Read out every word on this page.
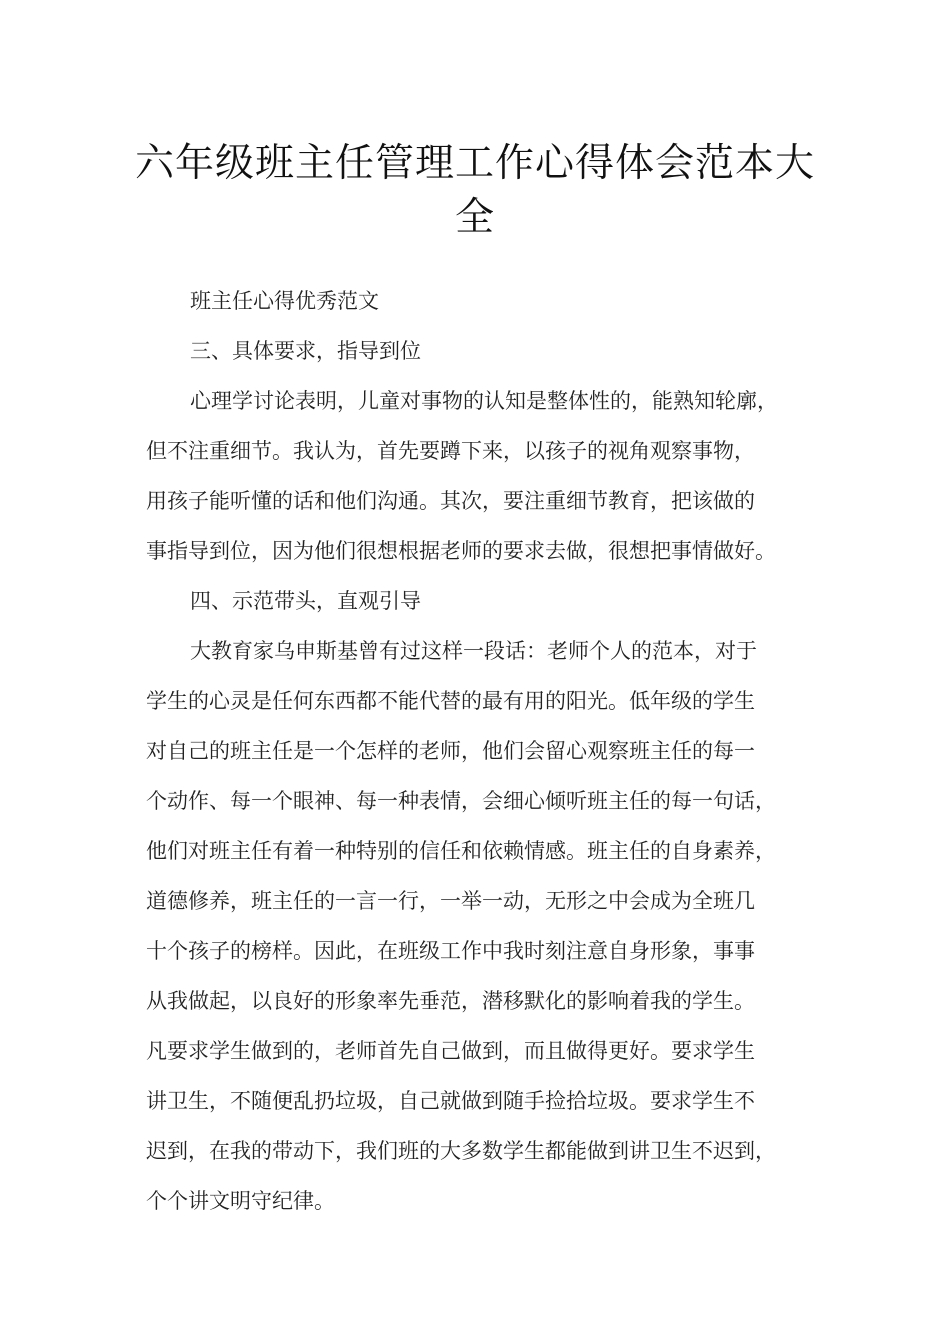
六年级班主任管理工作心得体会范本大
全

班主任心得优秀范文

三、具体要求，指导到位

心理学讨论表明，儿童对事物的认知是整体性的，能熟知轮廓，

但不注重细节。我认为，首先要蹲下来，以孩子的视角观察事物，

用孩子能听懂的话和他们沟通。其次，要注重细节教育，把该做的

事指导到位，因为他们很想根据老师的要求去做，很想把事情做好。

四、示范带头，直观引导

大教育家乌申斯基曾有过这样一段话：老师个人的范本，对于

学生的心灵是任何东西都不能代替的最有用的阳光。低年级的学生

对自己的班主任是一个怎样的老师，他们会留心观察班主任的每一

个动作、每一个眼神、每一种表情，会细心倾听班主任的每一句话，

他们对班主任有着一种特别的信任和依赖情感。班主任的自身素养，

道德修养，班主任的一言一行，一举一动，无形之中会成为全班几

十个孩子的榜样。因此，在班级工作中我时刻注意自身形象，事事

从我做起，以良好的形象率先垂范，潜移默化的影响着我的学生。

凡要求学生做到的，老师首先自己做到，而且做得更好。要求学生

讲卫生，不随便乱扔垃圾，自己就做到随手捡拾垃圾。要求学生不

迟到，在我的带动下，我们班的大多数学生都能做到讲卫生不迟到，

个个讲文明守纪律。
